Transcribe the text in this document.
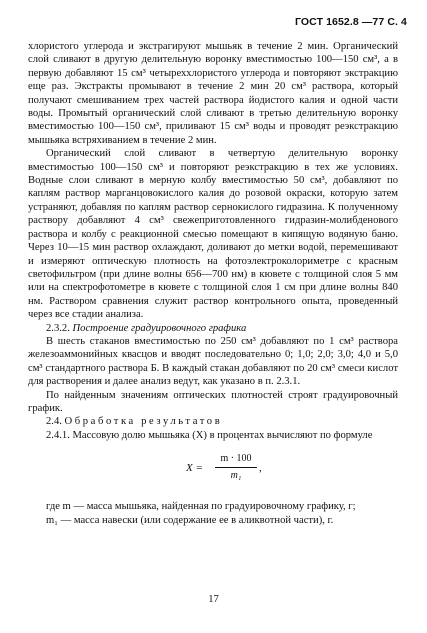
ГОСТ 1652.8 —77 С. 4

хлористого углерода и экстрагируют мышьяк в течение 2 мин. Органический слой сливают в другую делительную воронку вместимостью 100—150 см³, а в первую добавляют 15 см³ четыреххлористого углерода и повторяют экстракцию еще раз. Экстракты промывают в течение 2 мин 20 см³ раствора, который получают смешиванием трех частей раствора йодистого калия и одной части воды. Промытый органический слой сливают в третью делительную воронку вместимостью 100—150 см³, приливают 15 см³ воды и проводят реэкстракцию мышьяка встряхиванием в течение 2 мин.

Органический слой сливают в четвертую делительную воронку вместимостью 100—150 см³ и повторяют реэкстракцию в тех же условиях. Водные слои сливают в мерную колбу вместимостью 50 см³, добавляют по каплям раствор марганцовокислого калия до розовой окраски, которую затем устраняют, добавляя по каплям раствор сернокислого гидразина. К полученному раствору добавляют 4 см³ свежеприготовленного гидразин-молибденового раствора и колбу с реакционной смесью помещают в кипящую водяную баню. Через 10—15 мин раствор охлаждают, доливают до метки водой, перемешивают и измеряют оптическую плотность на фотоэлектроколориметре с красным светофильтром (при длине волны 656—700 нм) в кювете с толщиной слоя 5 мм или на спектрофотометре в кювете с толщиной слоя 1 см при длине волны 840 нм. Раствором сравнения служит раствор контрольного опыта, проведенный через все стадии анализа.

2.3.2. Построение градуировочного графика

В шесть стаканов вместимостью по 250 см³ добавляют по 1 см³ раствора железоаммонийных квасцов и вводят последовательно 0; 1,0; 2,0; 3,0; 4,0 и 5,0 см³ стандартного раствора Б. В каждый стакан добавляют по 20 см³ смеси кислот для растворения и далее анализ ведут, как указано в п. 2.3.1.

По найденным значениям оптических плотностей строят градуировочный график.

2.4. Обработка результатов

2.4.1. Массовую долю мышьяка (X) в процентах вычисляют по формуле

$X = \frac{m \cdot 100}{\text{m₁}}$ ,

где m — масса мышьяка, найденная по градуировочному графику, г;

m₁ — масса навески (или содержание ее в аликвотной части), г.

17
